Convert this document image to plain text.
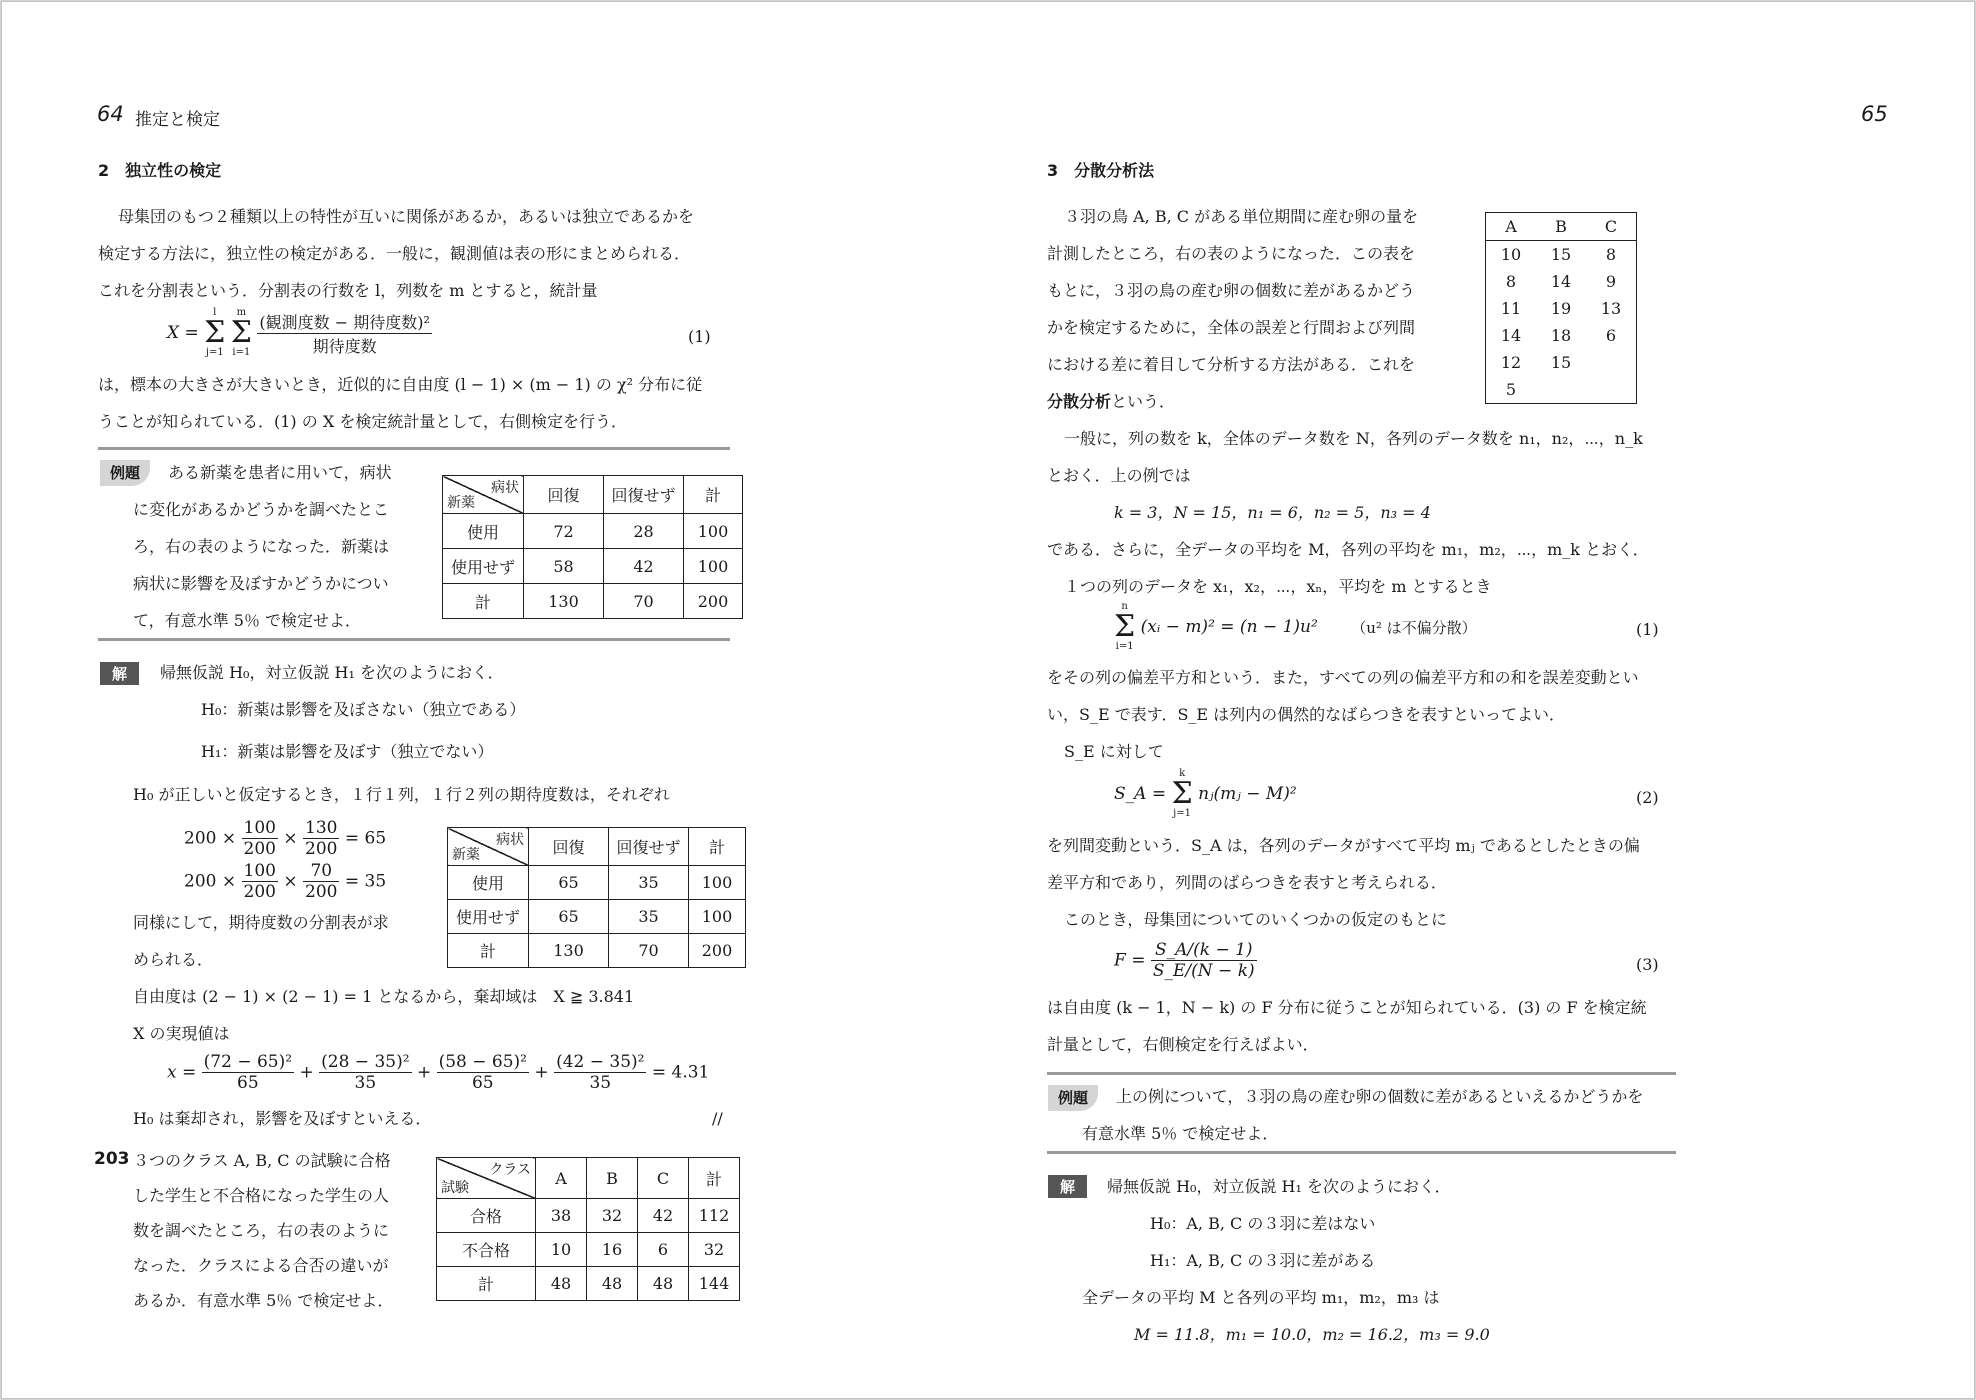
64 推定と検定
2　独立性の検定
母集団のもつ２種類以上の特性が互いに関係があるか，あるいは独立であるかを
検定する方法に，独立性の検定がある．一般に，観測値は表の形にまとめられる．
これを分割表という．分割表の行数を l，列数を m とすると，統計量
X =
l
Σ
j=1

m
Σ
i=1
$\frac{\text{(観測度数 − 期待度数)²}}{\text{期待度数}}$	(1)
は，標本の大きさが大きいとき，近似的に自由度 (l − 1) × (m − 1) の χ² 分布に従
うことが知られている．(1) の X を検定統計量として，右側検定を行う．
例題	ある新薬を患者に用いて，病状
に変化があるかどうかを調べたとこ
ろ，右の表のようになった．新薬は
病状に影響を及ぼすかどうかについ
て，有意水準 5％ で検定せよ．
病状
新薬	回復	回復せず	計
使用	72	28	100
使用せず	58	42	100
計	130	70	200
解	帰無仮説 H₀，対立仮説 H₁ を次のようにおく．
H₀：新薬は影響を及ぼさない（独立である）
H₁：新薬は影響を及ぼす（独立でない）
H₀ が正しいと仮定するとき，１行１列，１行２列の期待度数は，それぞれ
$200 \times \frac{100}{200} \times \frac{130}{200} = 65$
$200 \times \frac{100}{200} \times \frac{70}{200} = 35$
同様にして，期待度数の分割表が求
められる．
病状
新薬	回復	回復せず	計
使用	65	35	100
使用せず	65	35	100
計	130	70	200
自由度は (2 − 1) × (2 − 1) = 1 となるから，棄却域は　X ≧ 3.841
X の実現値は
$x = \frac{\text{(72 − 65)²}}{65} + \frac{\text{(28 − 35)²}}{35} + \frac{\text{(58 − 65)²}}{65} + \frac{\text{(42 − 35)²}}{35} = 4.31$
H₀ は棄却され，影響を及ぼすといえる．	//
203 ３つのクラス A, B, C の試験に合格
した学生と不合格になった学生の人
数を調べたところ，右の表のように
なった．クラスによる合否の違いが
あるか．有意水準 5％ で検定せよ．
クラス
試験	A	B	C	計
合格	38	32	42	112
不合格	10	16	6	32
計	48	48	48	144
65
3　分散分析法
３羽の鳥 A, B, C がある単位期間に産む卵の量を
計測したところ，右の表のようになった．この表を
もとに，３羽の鳥の産む卵の個数に差があるかどう
かを検定するために，全体の誤差と行間および列間
における差に着目して分析する方法がある．これを
分散分析という．
A	B	C
10	15	8
8	14	9
11	19	13
14	18	6
12	15	
5		
一般に，列の数を k，全体のデータ数を N，各列のデータ数を n₁，n₂，⋯，n_k
とおく．上の例では
k = 3，N = 15，n₁ = 6，n₂ = 5，n₃ = 4
である．さらに，全データの平均を M，各列の平均を m₁，m₂，⋯，m_k とおく．
１つの列のデータを x₁，x₂，⋯，xₙ，平均を m とするとき
n
Σ
i=1
(xᵢ − m)² = (n − 1)u² （u² は不偏分散）	(1)
をその列の偏差平方和という．また，すべての列の偏差平方和の和を誤差変動とい
い，S_E で表す．S_E は列内の偶然的なばらつきを表すといってよい．
S_E に対して
S_A =
k
Σ
j=1
nⱼ(mⱼ − M)²	(2)
を列間変動という．S_A は，各列のデータがすべて平均 mⱼ であるとしたときの偏
差平方和であり，列間のばらつきを表すと考えられる．
このとき，母集団についてのいくつかの仮定のもとに
$F = \frac{S\_A/(k - 1)}{S\_E/(N - k)}$	(3)
は自由度 (k − 1，N − k) の F 分布に従うことが知られている．(3) の F を検定統
計量として，右側検定を行えばよい．
例題	上の例について，３羽の鳥の産む卵の個数に差があるといえるかどうかを
有意水準 5％ で検定せよ．
解	帰無仮説 H₀，対立仮説 H₁ を次のようにおく．
H₀：A, B, C の３羽に差はない
H₁：A, B, C の３羽に差がある
全データの平均 M と各列の平均 m₁，m₂，m₃ は
M = 11.8，m₁ = 10.0，m₂ = 16.2，m₃ = 9.0
